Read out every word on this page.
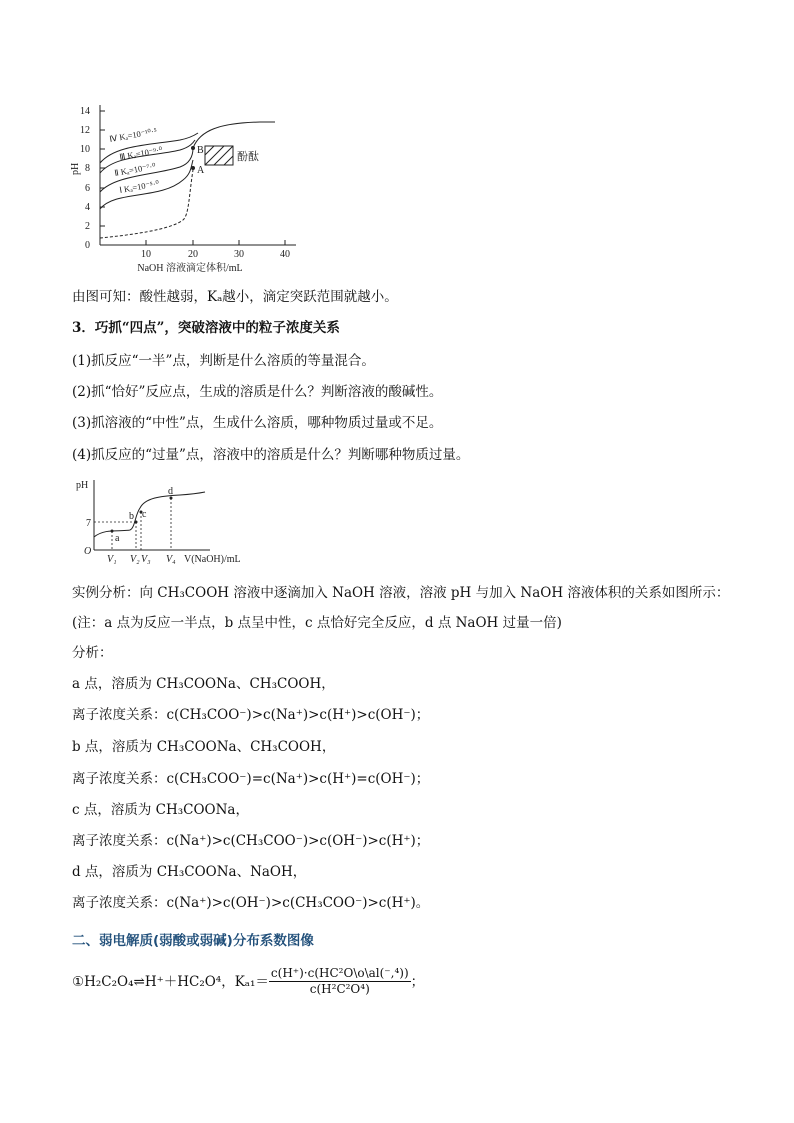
14
12
10
8
6
4
2
0
10	20	30	40
NaOH 溶液滴定体积/mL
pH
B
A
酚酞
Ⅳ Kₐ=10⁻¹⁰·⁵
Ⅲ Kₐ=10⁻⁹·⁰
Ⅱ Kₐ=10⁻⁷·⁰
Ⅰ Kₐ=10⁻⁵·⁰
由图可知：酸性越弱，Kₐ越小，滴定突跃范围就越小。
3．巧抓“四点”，突破溶液中的粒子浓度关系
(1)抓反应“一半”点，判断是什么溶质的等量混合。
(2)抓“恰好”反应点，生成的溶质是什么？判断溶液的酸碱性。
(3)抓溶液的“中性”点，生成什么溶质，哪种物质过量或不足。
(4)抓反应的“过量”点，溶液中的溶质是什么？判断哪种物质过量。
pH
7
O
a
b c
d
V₁ V₂ V₃ V₄ V(NaOH)/mL
实例分析：向 CH₃COOH 溶液中逐滴加入 NaOH 溶液，溶液 pH 与加入 NaOH 溶液体积的关系如图所示：
(注：a 点为反应一半点，b 点呈中性，c 点恰好完全反应，d 点 NaOH 过量一倍)
分析：
a 点，溶质为 CH₃COONa、CH₃COOH，
离子浓度关系：c(CH₃COO⁻)>c(Na⁺)>c(H⁺)>c(OH⁻)；
b 点，溶质为 CH₃COONa、CH₃COOH，
离子浓度关系：c(CH₃COO⁻)=c(Na⁺)>c(H⁺)=c(OH⁻)；
c 点，溶质为 CH₃COONa，
离子浓度关系：c(Na⁺)>c(CH₃COO⁻)>c(OH⁻)>c(H⁺)；
d 点，溶质为 CH₃COONa、NaOH，
离子浓度关系：c(Na⁺)>c(OH⁻)>c(CH₃COO⁻)>c(H⁺)。
二、弱电解质(弱酸或弱碱)分布系数图像
①H₂C₂O₄⇌H⁺＋HC₂O⁴，$K_{a1}= \frac{\text{c(H⁺)·c(HC²O\textbackslash{}o\textbackslash{}al(⁻,⁴))}}{\text{c(H²C²O⁴)}}$ ；
